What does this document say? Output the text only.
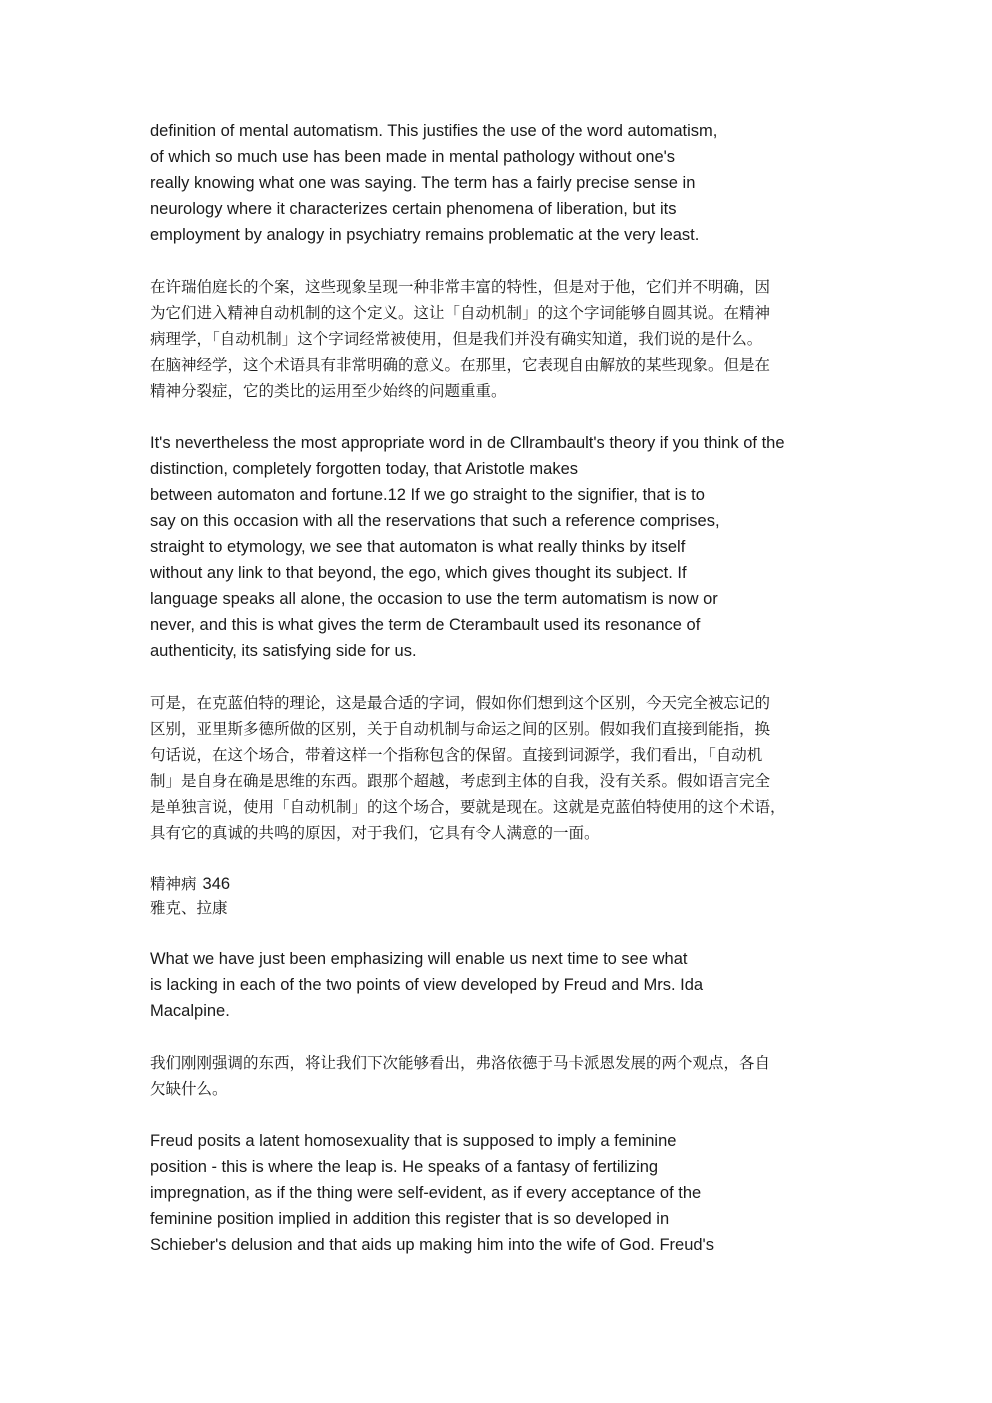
definition of mental automatism. This justifies the use of the word automatism,
of which so much use has been made in mental pathology without one's
really knowing what one was saying. The term has a fairly precise sense in
neurology where it characterizes certain phenomena of liberation, but its
employment by analogy in psychiatry remains problematic at the very least.
在许瑞伯庭长的个案，这些现象呈现一种非常丰富的特性，但是对于他，它们并不明确，因
为它们进入精神自动机制的这个定义。这让「自动机制」的这个字词能够自圆其说。在精神
病理学，「自动机制」这个字词经常被使用，但是我们并没有确实知道，我们说的是什么。
在脑神经学，这个术语具有非常明确的意义。在那里，它表现自由解放的某些现象。但是在
精神分裂症，它的类比的运用至少始终的问题重重。
It's nevertheless the most appropriate word in de Cllrambault's theory if you think of the
distinction, completely forgotten today, that Aristotle makes
between automaton and fortune.12 If we go straight to the signifier, that is to
say on this occasion with all the reservations that such a reference comprises,
straight to etymology, we see that automaton is what really thinks by itself
without any link to that beyond, the ego, which gives thought its subject. If
language speaks all alone, the occasion to use the term automatism is now or
never, and this is what gives the term de Cterambault used its resonance of
authenticity, its satisfying side for us.
可是，在克蓝伯特的理论，这是最合适的字词，假如你们想到这个区别，今天完全被忘记的
区别，亚里斯多德所做的区别，关于自动机制与命运之间的区别。假如我们直接到能指，换
句话说，在这个场合，带着这样一个指称包含的保留。直接到词源学，我们看出，「自动机
制」是自身在确是思维的东西。跟那个超越，考虑到主体的自我，没有关系。假如语言完全
是单独言说，使用「自动机制」的这个场合，要就是现在。这就是克蓝伯特使用的这个术语，
具有它的真诚的共鸣的原因，对于我们，它具有令人满意的一面。
精神病 346
雅克、拉康
What we have just been emphasizing will enable us next time to see what
is lacking in each of the two points of view developed by Freud and Mrs. Ida
Macalpine.
我们刚刚强调的东西，将让我们下次能够看出，弗洛依德于马卡派恩发展的两个观点，各自
欠缺什么。
Freud posits a latent homosexuality that is supposed to imply a feminine
position - this is where the leap is. He speaks of a fantasy of fertilizing
impregnation, as if the thing were self-evident, as if every acceptance of the
feminine position implied in addition this register that is so developed in
Schieber's delusion and that aids up making him into the wife of God. Freud's
